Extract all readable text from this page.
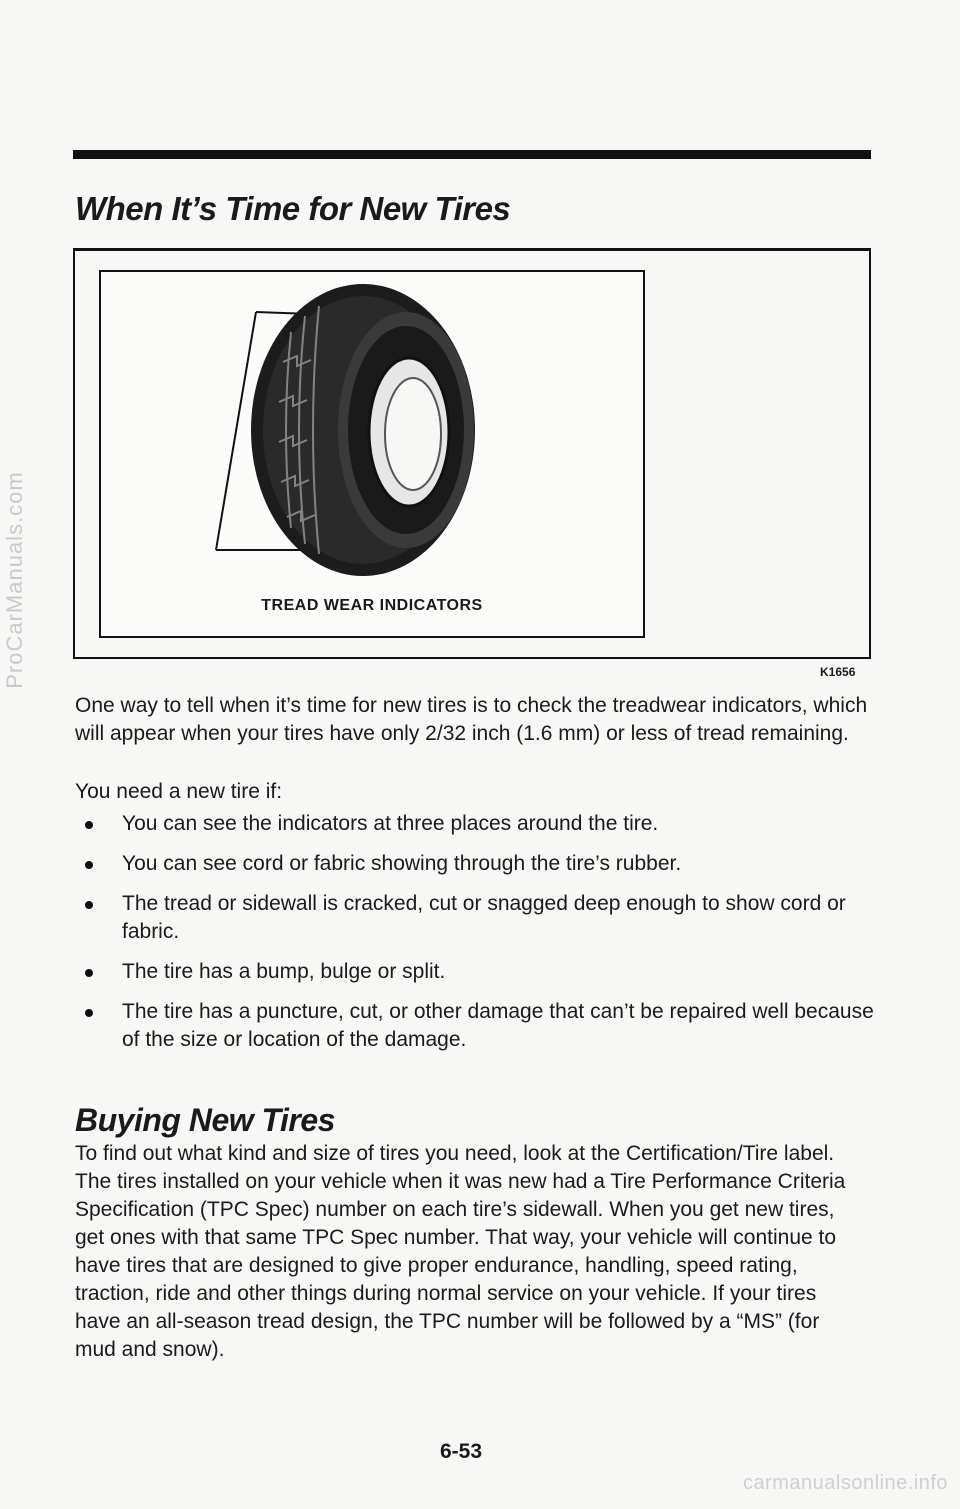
ProCarManuals.com
When It’s Time for New Tires
TREAD WEAR INDICATORS
K1656

One way to tell when it’s time for new tires is to check the treadwear indicators, which will appear when your tires have only 2/32 inch (1.6 mm) or less of tread remaining.

You need a new tire if:

You can see the indicators at three places around the tire.
You can see cord or fabric showing through the tire’s rubber.
The tread or sidewall is cracked, cut or snagged deep enough to show cord or fabric.
The tire has a bump, bulge or split.
The tire has a puncture, cut, or other damage that can’t be repaired well because of the size or location of the damage.
Buying New Tires

To find out what kind and size of tires you need, look at the Certification/Tire label. The tires installed on your vehicle when it was new had a Tire Performance Criteria Specification (TPC Spec) number on each tire’s sidewall. When you get new tires, get ones with that same TPC Spec number. That way, your vehicle will continue to have tires that are designed to give proper endurance, handling, speed rating, traction, ride and other things during normal service on your vehicle. If your tires have an all-season tread design, the TPC number will be followed by a “MS” (for mud and snow).

6-53
carmanualsonline.info
